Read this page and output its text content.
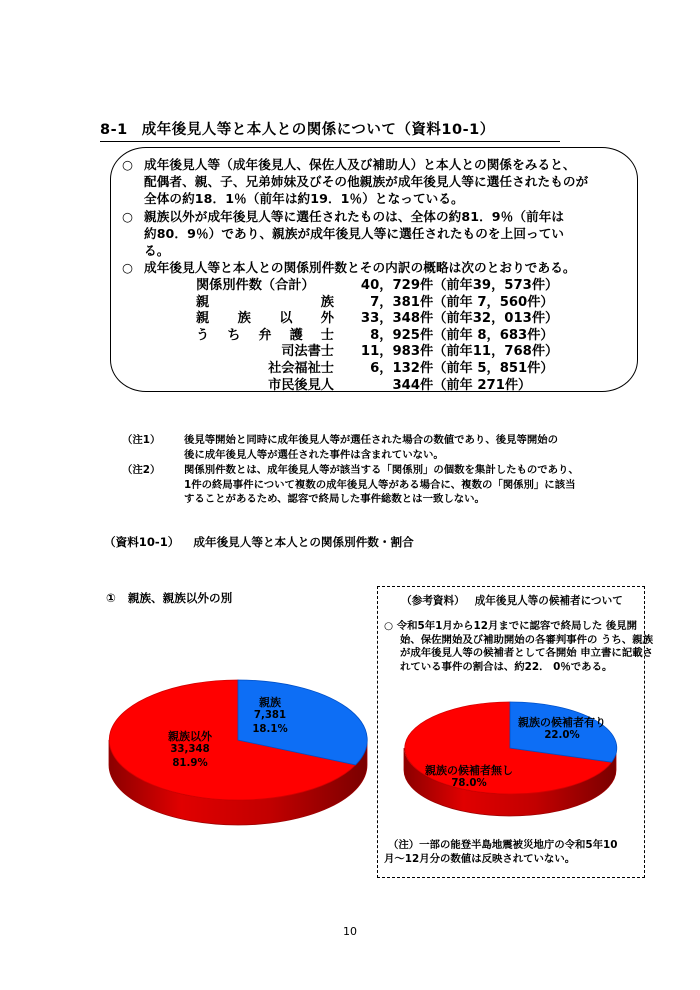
8-1 成年後見人等と本人との関係について（資料10-1）
○ 成年後見人等（成年後見人、保佐人及び補助人）と本人との関係をみると、

配偶者、親、子、兄弟姉妹及びその他親族が成年後見人等に選任されたものが

全体の約18．1％（前年は約19．1％）となっている。

○ 親族以外が成年後見人等に選任されたものは、全体の約81．9％（前年は

約80．9％）であり、親族が成年後見人等に選任されたものを上回ってい

る。

○ 成年後見人等と本人との関係別件数とその内訳の概略は次のとおりである。

関係別件数（合計）	40，729 件 （前年39，573件）
親族	7，381 件 （前年 7，560件）
親族以外	33，348 件 （前年32，013件）
うち弁護士	8，925 件 （前年 8，683件）
司法書士	11，983 件 （前年11，768件）
社会福祉士	6，132 件 （前年 5，851件）
市民後見人	344 件 （前年 271件）
（注1）	後見等開始と同時に成年後見人等が選任された場合の数値であり、後見等開始の

後に成年後見人等が選任された事件は含まれていない。

（注2）	関係別件数とは、成年後見人等が該当する「関係別」の個数を集計したものであり、

1件の終局事件について複数の成年後見人等がある場合に、複数の「関係別」に該当

することがあるため、認容で終局した事件総数とは一致しない。

（資料10-1） 成年後見人等と本人との関係別件数・割合
① 親族、親族以外の別	（参考資料） 成年後見人等の候補者について
○ 令和5年1月から12月までに認容で終局した 後見開始、保佐開始及び補助開始の各審判事件の うち、親族が成年後見人等の候補者として各開始 申立書に記載されている事件の割合は、約22． 0％である。
（注）一部の能登半島地震被災地庁の令和5年10 月〜12月分の数値は反映されていない。
親族以外
33,348
81.9%
親族
7,381
18.1%
親族の候補者有り
22.0%
親族の候補者無し
78.0%
10
